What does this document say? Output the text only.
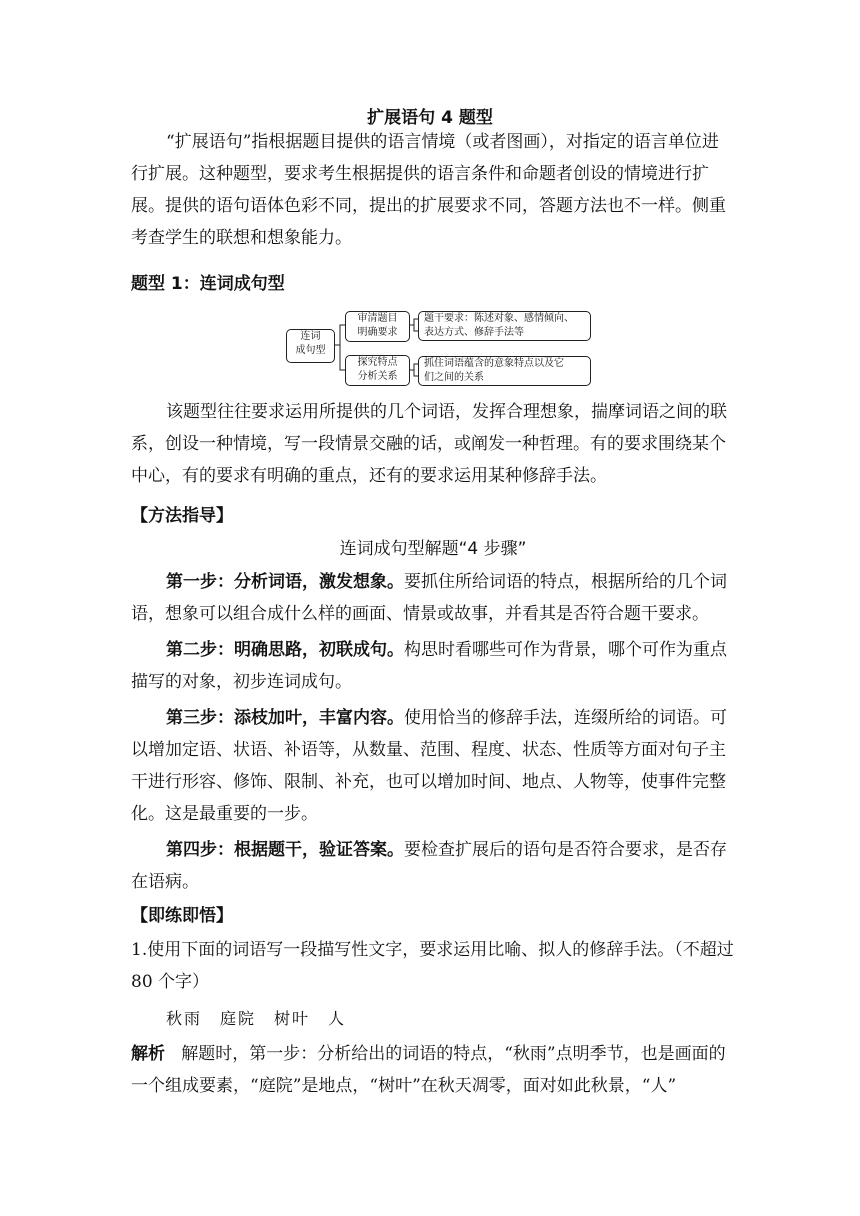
扩展语句 4 题型
“扩展语句”指根据题目提供的语言情境（或者图画），对指定的语言单位进行扩展。这种题型，要求考生根据提供的语言条件和命题者创设的情境进行扩展。提供的语句语体色彩不同，提出的扩展要求不同，答题方法也不一样。侧重考查学生的联想和想象能力。
题型 1：连词成句型
连词
成句型
审清题目
明确要求
题干要求：陈述对象、感情倾向、
表达方式、修辞手法等
探究特点
分析关系
抓住词语蕴含的意象特点以及它
们之间的关系
该题型往往要求运用所提供的几个词语，发挥合理想象，揣摩词语之间的联系，创设一种情境，写一段情景交融的话，或阐发一种哲理。有的要求围绕某个中心，有的要求有明确的重点，还有的要求运用某种修辞手法。
【方法指导】
连词成句型解题“4 步骤”
第一步：分析词语，激发想象。要抓住所给词语的特点，根据所给的几个词语，想象可以组合成什么样的画面、情景或故事，并看其是否符合题干要求。
第二步：明确思路，初联成句。构思时看哪些可作为背景，哪个可作为重点描写的对象，初步连词成句。
第三步：添枝加叶，丰富内容。使用恰当的修辞手法，连缀所给的词语。可以增加定语、状语、补语等，从数量、范围、程度、状态、性质等方面对句子主干进行形容、修饰、限制、补充，也可以增加时间、地点、人物等，使事件完整化。这是最重要的一步。
第四步：根据题干，验证答案。要检查扩展后的语句是否符合要求，是否存在语病。
【即练即悟】
1.使用下面的词语写一段描写性文字，要求运用比喻、拟人的修辞手法。（不超过 80 个字）
秋雨 庭院 树叶 人
解析 解题时，第一步：分析给出的词语的特点，“秋雨”点明季节，也是画面的一个组成要素，“庭院”是地点，“树叶”在秋天凋零，面对如此秋景，“人”
